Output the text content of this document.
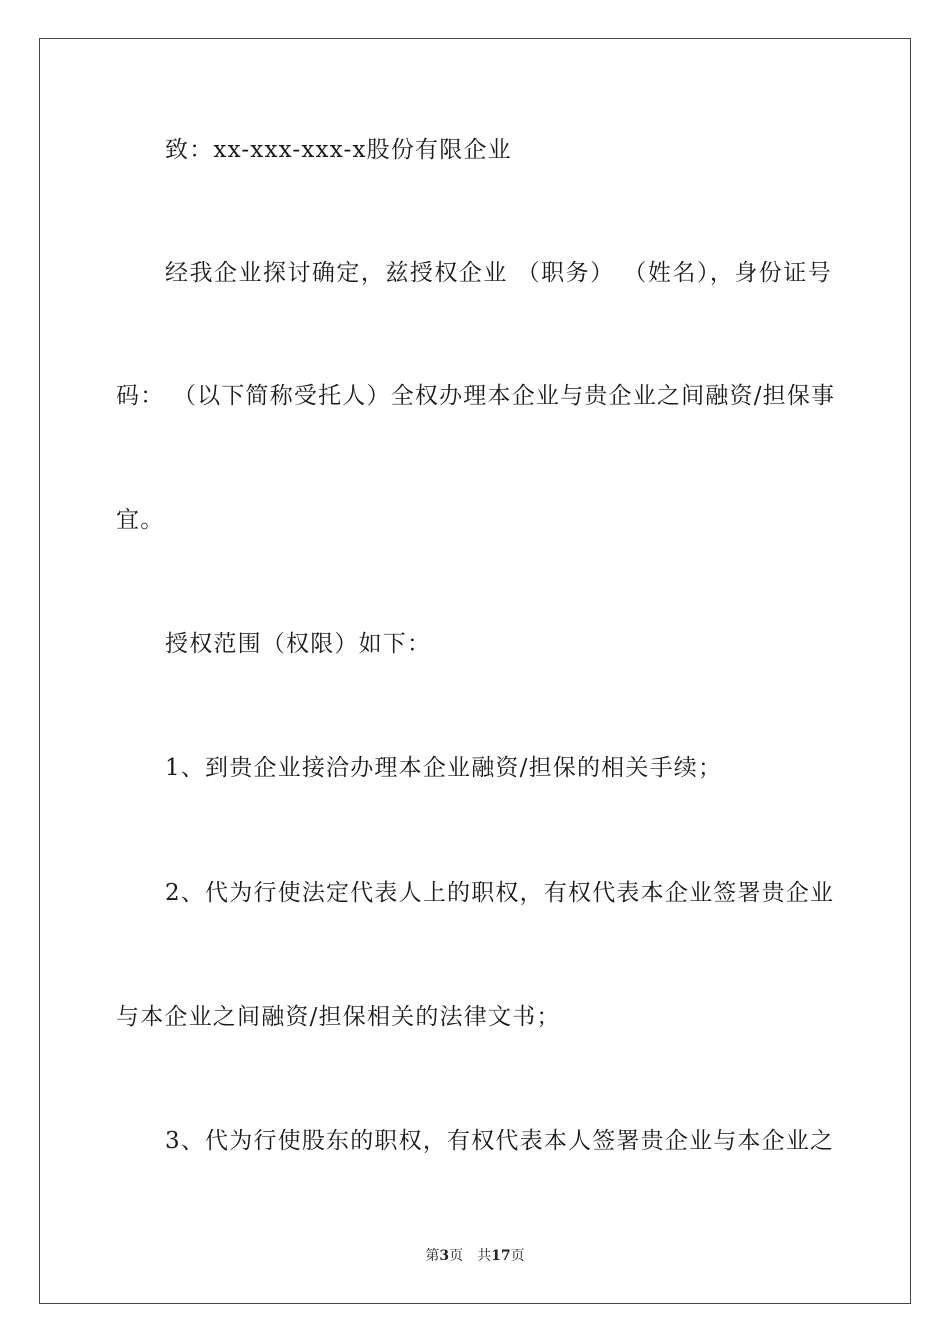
致：xx-xxx-xxx-x股份有限企业
经我企业探讨确定，兹授权企业 （职务） （姓名），身份证号
码： （以下简称受托人）全权办理本企业与贵企业之间融资/担保事
宜。
授权范围（权限）如下：
1、到贵企业接洽办理本企业融资/担保的相关手续；
2、代为行使法定代表人上的职权，有权代表本企业签署贵企业
与本企业之间融资/担保相关的法律文书；
3、代为行使股东的职权，有权代表本人签署贵企业与本企业之
第3页 共17页
